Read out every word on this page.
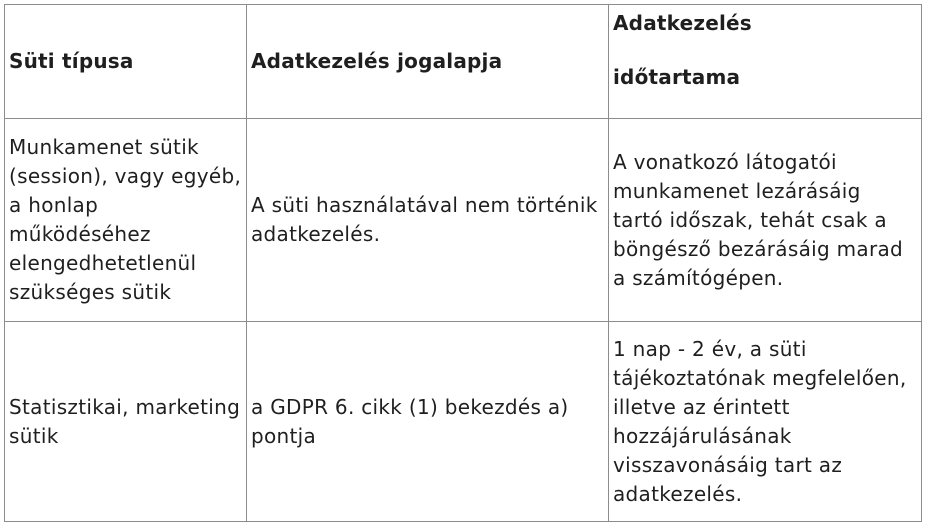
Süti típusa	Adatkezelés jogalapja	Adatkezelés
időtartama

Munkamenet sütik (session), vagy egyéb, a honlap működéséhez elengedhetetlenül szükséges sütik	A süti használatával nem történik adatkezelés.	A vonatkozó látogatói munkamenet lezárásáig tartó időszak, tehát csak a böngésző bezárásáig marad a számítógépen.
Statisztikai, marketing sütik	a GDPR 6. cikk (1) bekezdés a) pontja	1 nap - 2 év, a süti tájékoztatónak megfelelően, illetve az érintett hozzájárulásának visszavonásáig tart az adatkezelés.
